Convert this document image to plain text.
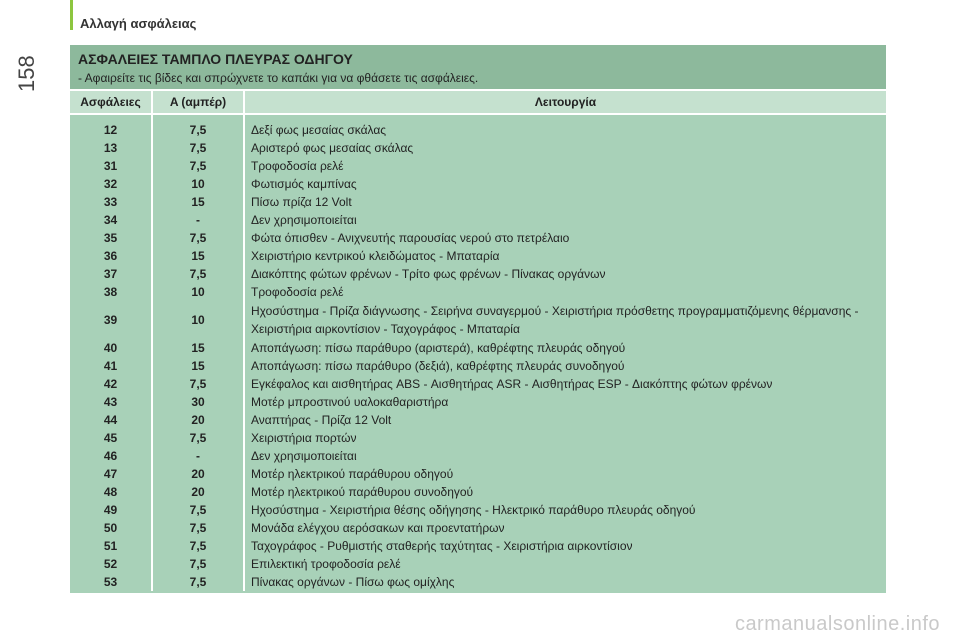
Αλλαγή ασφάλειας
158	ΑΣΦΑΛΕΙΕΣ ΤΑΜΠΛΟ ΠΛΕΥΡΑΣ ΟΔΗΓΟΥ
- Αφαιρείτε τις βίδες και σπρώχνετε το καπάκι για να φθάσετε τις ασφάλειες.
Ασφάλειες	A (αμπέρ)	Λειτουργία

12	7,5	Δεξί φως μεσαίας σκάλας
13	7,5	Αριστερό φως μεσαίας σκάλας
31	7,5	Τροφοδοσία ρελέ
32	10	Φωτισμός καμπίνας
33	15	Πίσω πρίζα 12 Volt
34	-	Δεν χρησιμοποιείται
35	7,5	Φώτα όπισθεν - Ανιχνευτής παρουσίας νερού στο πετρέλαιο
36	15	Χειριστήριο κεντρικού κλειδώματος - Μπαταρία
37	7,5	Διακόπτης φώτων φρένων - Τρίτο φως φρένων - Πίνακας οργάνων
38	10	Τροφοδοσία ρελέ
39	10	Ηχοσύστημα - Πρίζα διάγνωσης - Σειρήνα συναγερμού - Χειριστήρια πρόσθετης προγραμματιζόμενης θέρμανσης - Χειριστήρια αιρκοντίσιον - Ταχογράφος - Μπαταρία
40	15	Αποπάγωση: πίσω παράθυρο (αριστερά), καθρέφτης πλευράς οδηγού
41	15	Αποπάγωση: πίσω παράθυρο (δεξιά), καθρέφτης πλευράς συνοδηγού
42	7,5	Εγκέφαλος και αισθητήρας ABS - Αισθητήρας ASR - Αισθητήρας ESP - Διακόπτης φώτων φρένων
43	30	Μοτέρ μπροστινού υαλοκαθαριστήρα
44	20	Αναπτήρας - Πρίζα 12 Volt
45	7,5	Χειριστήρια πορτών
46	-	Δεν χρησιμοποιείται
47	20	Μοτέρ ηλεκτρικού παράθυρου οδηγού
48	20	Μοτέρ ηλεκτρικού παράθυρου συνοδηγού
49	7,5	Ηχοσύστημα - Χειριστήρια θέσης οδήγησης - Ηλεκτρικό παράθυρο πλευράς οδηγού
50	7,5	Μονάδα ελέγχου αερόσακων και προεντατήρων
51	7,5	Ταχογράφος - Ρυθμιστής σταθερής ταχύτητας - Χειριστήρια αιρκοντίσιον
52	7,5	Επιλεκτική τροφοδοσία ρελέ
53	7,5	Πίνακας οργάνων - Πίσω φως ομίχλης
carmanualsonline.info
